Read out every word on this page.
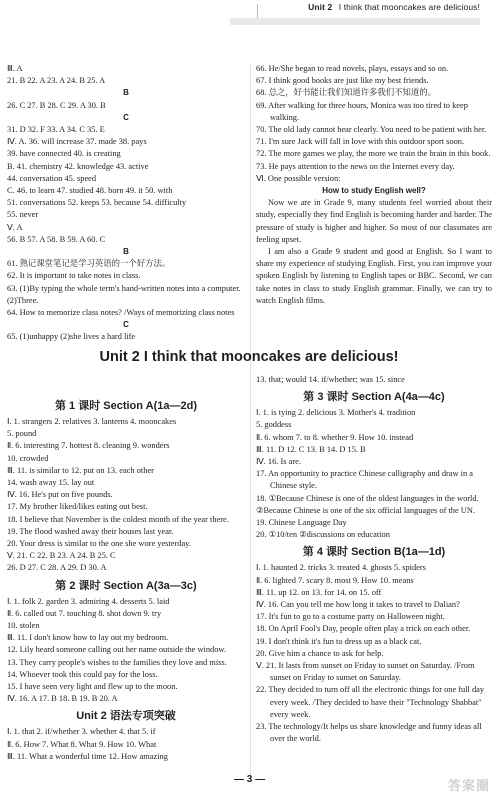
Unit 2 I think that mooncakes are delicious!
Ⅲ. A
21. B 22. A 23. A 24. B 25. A
B
26. C 27. B 28. C 29. A 30. B
C
31. D 32. F 33. A 34. C 35. E
Ⅳ. A. 36. will increase 37. made 38. pays
39. have connected 40. is creating
B. 41. chemistry 42. knowledge 43. active
44. conversation 45. speed
C. 46. to learn 47. studied 48. born 49. it 50. with
51. conversations 52. keeps 53. because 54. difficulty
55. never
Ⅴ. A
56. B 57. A 58. B 59. A 60. C
B
61. 熟记课堂笔记是学习英语的一个好方法。
62. It is important to take notes in class.
63. (1)By typing the whole term's hand-written notes into a computer.
(2)Three.
64. How to memorize class notes? /Ways of memorizing class notes
C
65. (1)unhappy (2)she lives a hard life
66. He/She began to read novels, plays, essays and so on.
67. I think good books are just like my best friends.
68. 总之，好书能让我们知道许多我们不知道的。
69. After walking for three hours, Monica was too tired to keep walking.
70. The old lady cannot hear clearly. You need to be patient with her.
71. I'm sure Jack will fall in love with this outdoor sport soon.
72. The more games we play, the more we train the brain in this book.
73. He pays attention to the news on the Internet every day.
Ⅵ. One possible version:
How to study English well?
Now we are in Grade 9, many students feel worried about their study, especially they find English is becoming harder and harder. The pressure of study is higher and higher. So most of our classmates are feeling upset.
I am also a Grade 9 student and good at English. So I want to share my experience of studying English. First, you can improve your spoken English by listening to English tapes or BBC. Second, we can take notes in class to study English grammar. Finally, we can try to watch English films.
Unit 2 I think that mooncakes are delicious!
第 1 课时 Section A(1a—2d)
Ⅰ. 1. strangers 2. relatives 3. lanterns 4. mooncakes
5. pound
Ⅱ. 6. interesting 7. hottest 8. cleaning 9. wonders
10. crowded
Ⅲ. 11. is similar to 12. put on 13. each other
14. wash away 15. lay out
Ⅳ. 16. He's put on five pounds.
17. My brother liked/likes eating out best.
18. I believe that November is the coldest month of the year there.
19. The flood washed away their houses last year.
20. Your dress is similar to the one she wore yesterday.
Ⅴ. 21. C 22. B 23. A 24. B 25. C
26. D 27. C 28. A 29. D 30. A
第 2 课时 Section A(3a—3c)
Ⅰ. 1. folk 2. garden 3. admiring 4. desserts 5. laid
Ⅱ. 6. called out 7. touching 8. shot down 9. try
10. stolen
Ⅲ. 11. I don't know how to lay out my bedroom.
12. Lily heard someone calling out her name outside the window.
13. They carry people's wishes to the families they love and miss.
14. Whoever took this could pay for the loss.
15. I have seen very light and flew up to the moon.
Ⅳ. 16. A 17. B 18. B 19. B 20. A
Unit 2 语法专项突破
Ⅰ. 1. that 2. if/whether 3. whether 4. that 5. if
Ⅱ. 6. How 7. What 8. What 9. How 10. What
Ⅲ. 11. What a wonderful time 12. How amazing
13. that; would 14. if/whether; was 15. since
第 3 课时 Section A(4a—4c)
Ⅰ. 1. is tying 2. delicious 3. Mother's 4. tradition
5. goddess
Ⅱ. 6. whom 7. to 8. whether 9. How 10. instead
Ⅲ. 11. D 12. C 13. B 14. D 15. B
Ⅳ. 16. Is are.
17. An opportunity to practice Chinese calligraphy and draw in a Chinese style.
18. ①Because Chinese is one of the oldest languages in the world.
②Because Chinese is one of the six official languages of the UN.
19. Chinese Language Day
20. ①10/ten ②discussions on education
第 4 课时 Section B(1a—1d)
Ⅰ. 1. haunted 2. tricks 3. treated 4. ghosts 5. spiders
Ⅱ. 6. lighted 7. scary 8. most 9. How 10. means
Ⅲ. 11. up 12. on 13. for 14. on 15. off
Ⅳ. 16. Can you tell me how long it takes to travel to Dalian?
17. It's fun to go to a costume party on Halloween night.
18. On April Fool's Day, people often play a trick on each other.
19. I don't think it's fun to dress up as a black cat.
20. Give him a chance to ask for help.
Ⅴ. 21. It lasts from sunset on Friday to sunset on Saturday. /From sunset on Friday to sunset on Saturday.
22. They decided to turn off all the electronic things for one full day every week. /They decided to have their "Technology Shabbat" every week.
23. The technology/It helps us share knowledge and funny ideas all over the world.
— 3 —	答案圈
